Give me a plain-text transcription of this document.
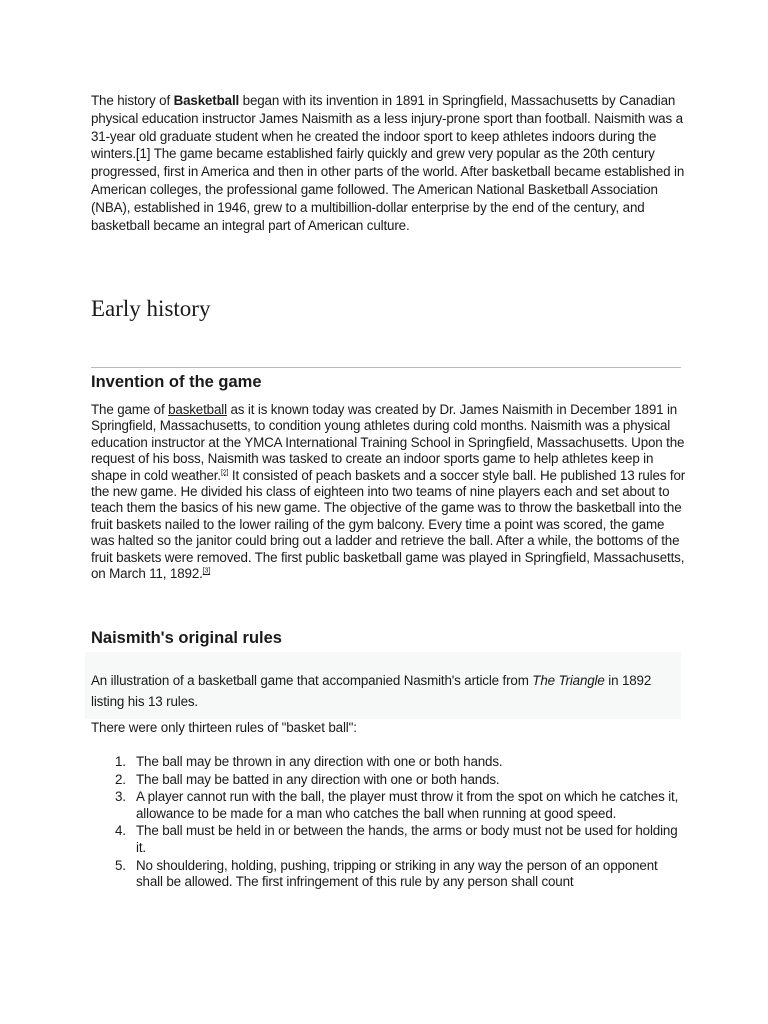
The history of Basketball began with its invention in 1891 in Springfield, Massachusetts by Canadian physical education instructor James Naismith as a less injury-prone sport than football. Naismith was a 31-year old graduate student when he created the indoor sport to keep athletes indoors during the winters.[1] The game became established fairly quickly and grew very popular as the 20th century progressed, first in America and then in other parts of the world. After basketball became established in American colleges, the professional game followed. The American National Basketball Association (NBA), established in 1946, grew to a multibillion-dollar enterprise by the end of the century, and basketball became an integral part of American culture.

Early history
Invention of the game

The game of basketball as it is known today was created by Dr. James Naismith in December 1891 in Springfield, Massachusetts, to condition young athletes during cold months. Naismith was a physical education instructor at the YMCA International Training School in Springfield, Massachusetts. Upon the request of his boss, Naismith was tasked to create an indoor sports game to help athletes keep in shape in cold weather.[2] It consisted of peach baskets and a soccer style ball. He published 13 rules for the new game. He divided his class of eighteen into two teams of nine players each and set about to teach them the basics of his new game. The objective of the game was to throw the basketball into the fruit baskets nailed to the lower railing of the gym balcony. Every time a point was scored, the game was halted so the janitor could bring out a ladder and retrieve the ball. After a while, the bottoms of the fruit baskets were removed. The first public basketball game was played in Springfield, Massachusetts, on March 11, 1892.[3]

Naismith's original rules

An illustration of a basketball game that accompanied Nasmith's article from The Triangle in 1892 listing his 13 rules.

There were only thirteen rules of "basket ball":

1. The ball may be thrown in any direction with one or both hands.
2. The ball may be batted in any direction with one or both hands.
3. A player cannot run with the ball, the player must throw it from the spot on which he catches it, allowance to be made for a man who catches the ball when running at good speed.
4. The ball must be held in or between the hands, the arms or body must not be used for holding it.
5. No shouldering, holding, pushing, tripping or striking in any way the person of an opponent shall be allowed. The first infringement of this rule by any person shall count
